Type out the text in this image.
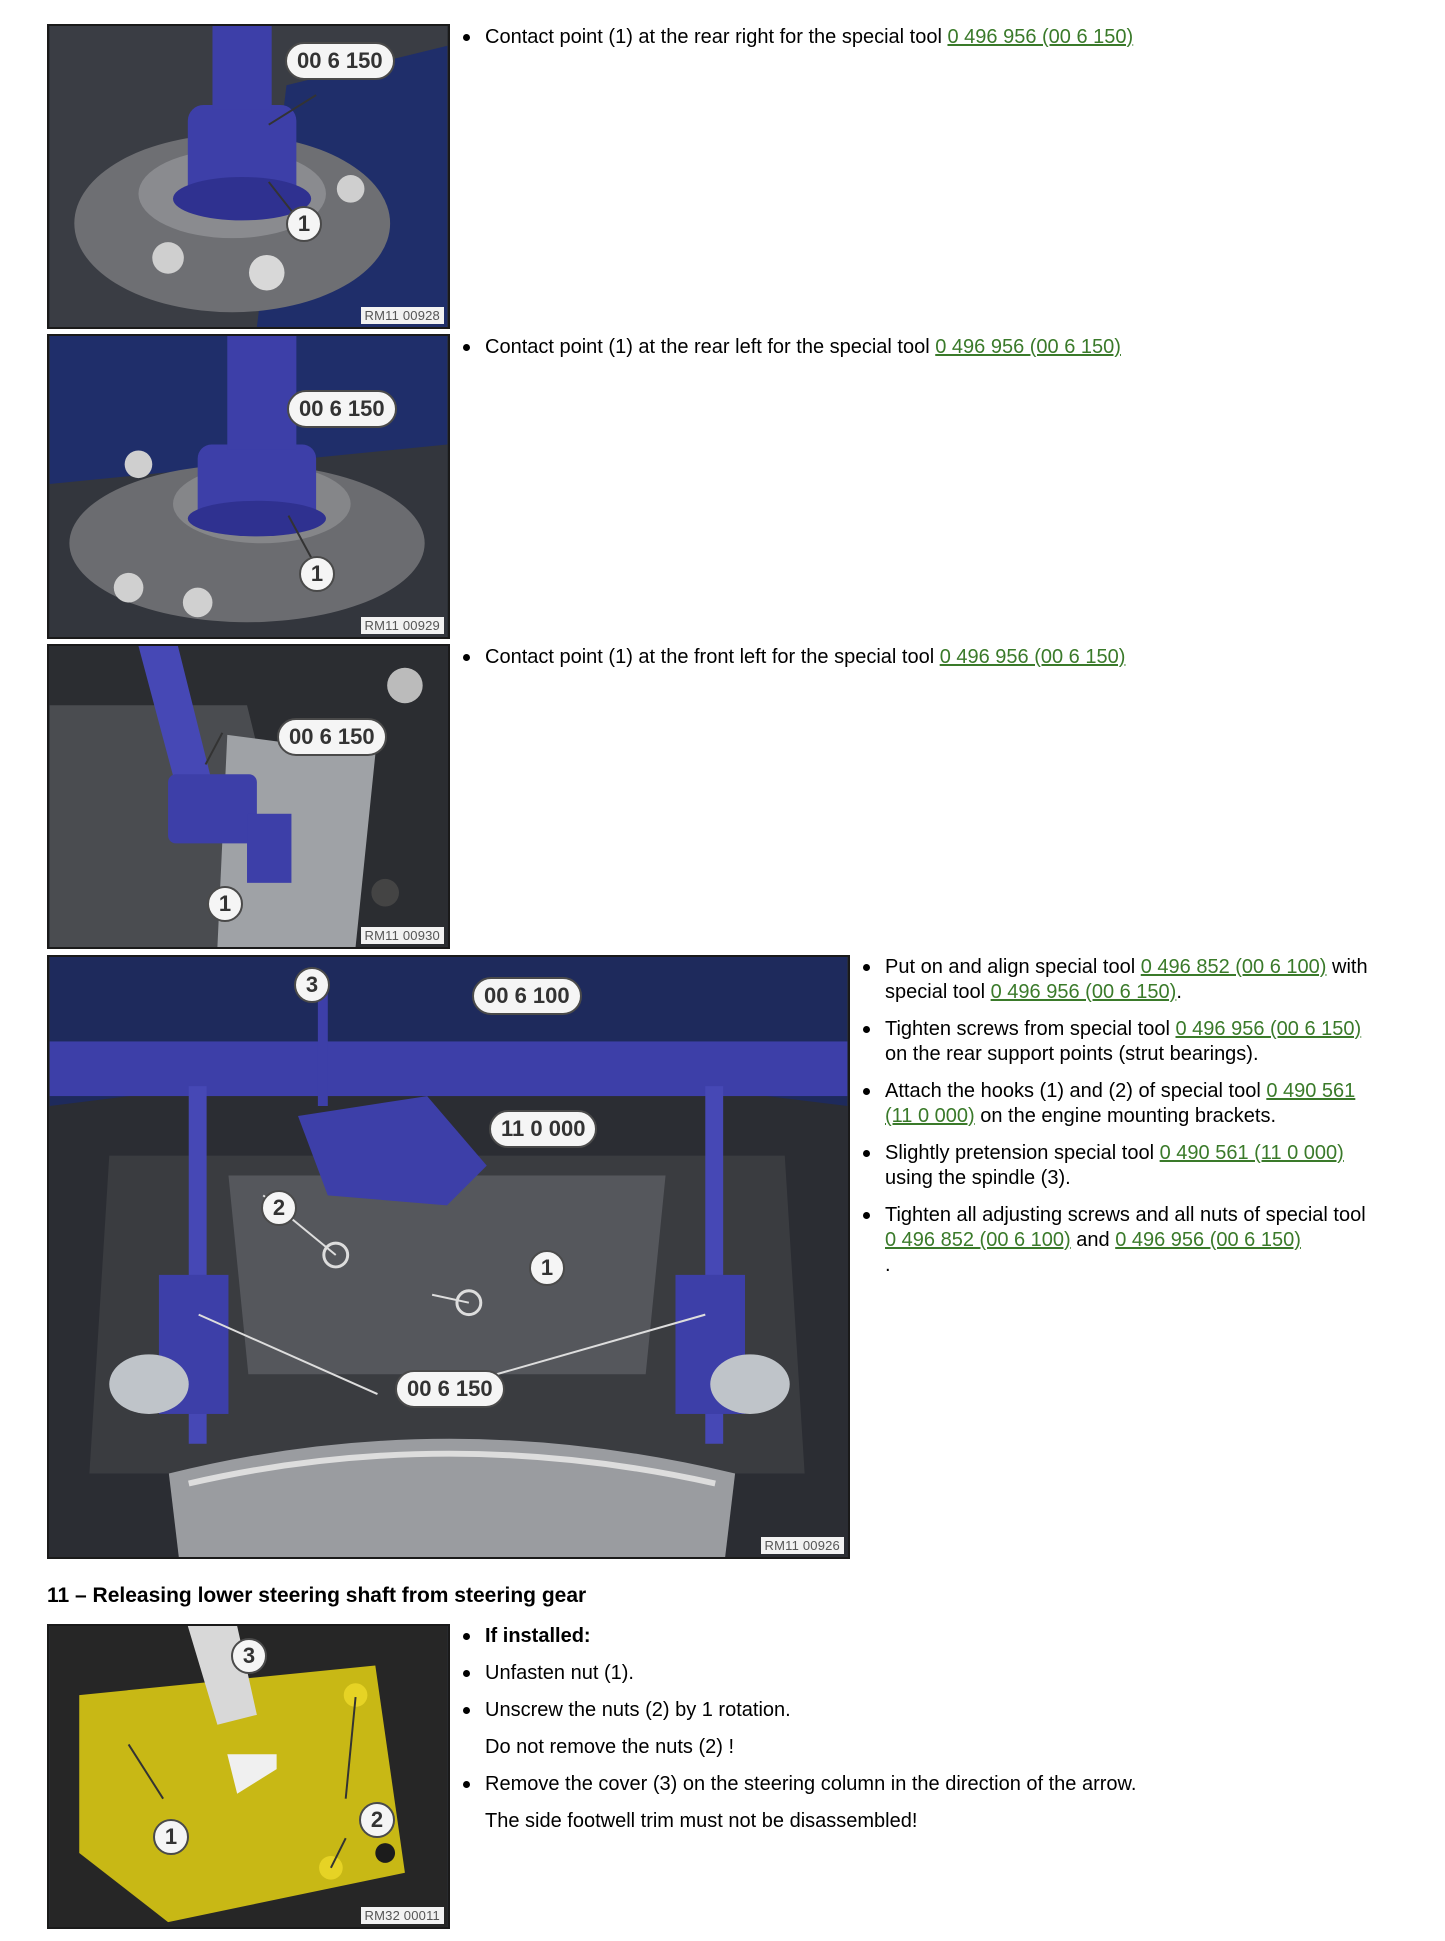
00 6 150
1
RM11 00928
00 6 150
1
RM11 00929
00 6 150
1
RM11 00930
00 6 100
11 0 000
00 6 150
3
2
1
RM11 00926
3
2
1
RM32 00011
Contact point (1) at the rear right for the special tool 0 496 956 (00 6 150)
Contact point (1) at the rear left for the special tool 0 496 956 (00 6 150)
Contact point (1) at the front left for the special tool 0 496 956 (00 6 150)
Put on and align special tool 0 496 852 (00 6 100) with special tool 0 496 956 (00 6 150).
Tighten screws from special tool 0 496 956 (00 6 150) on the rear support points (strut bearings).
Attach the hooks (1) and (2) of special tool 0 490 561 (11 0 000) on the engine mounting brackets.
Slightly pretension special tool 0 490 561 (11 0 000) using the spindle (3).
Tighten all adjusting screws and all nuts of special tool 0 496 852 (00 6 100) and 0 496 956 (00 6 150)
.
11 – Releasing lower steering shaft from steering gear
If installed:
Unfasten nut (1).
Unscrew the nuts (2) by 1 rotation.
Do not remove the nuts (2) !
Remove the cover (3) on the steering column in the direction of the arrow.
The side footwell trim must not be disassembled!
